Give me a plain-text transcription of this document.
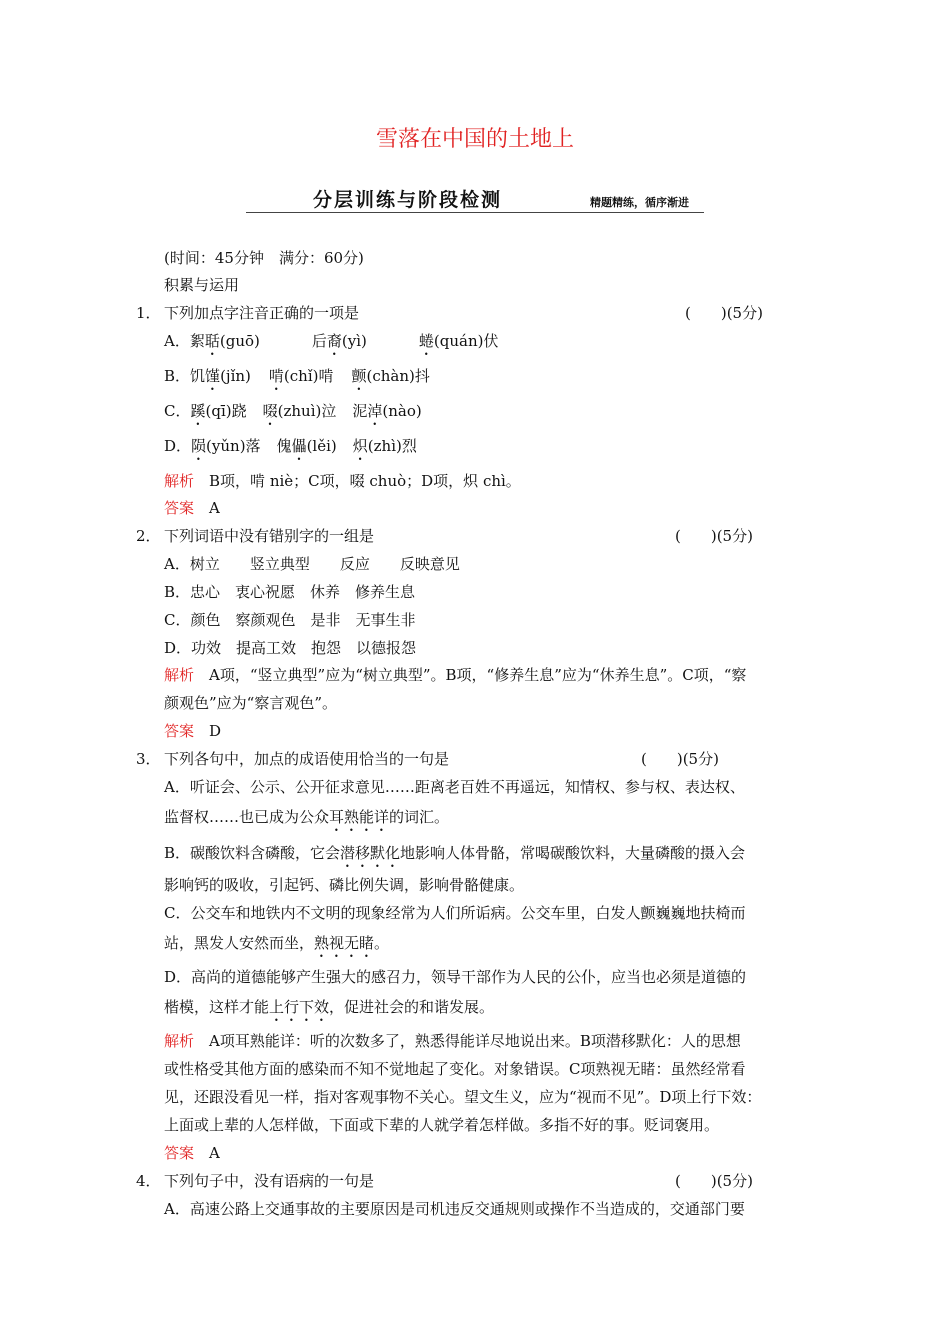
雪落在中国的土地上
分层训练与阶段检测	精题精练，循序渐进
(时间：45分钟　满分：60分)
积累与运用
1． 下列加点字注音正确的一项是	(　　)(5分)
A．絮聒(guō)	后裔(yì)	蜷(quán)伏
B．饥馑(jǐn) 啃(chǐ)啃 颤(chàn)抖
C．蹊(qī)跷 啜(zhuì)泣 泥淖(nào)
D．陨(yǔn)落 傀儡(lěi) 炽(zhì)烈
解析　 B项，啃 niè；C项，啜 chuò；D项，炽 chì。
答案　 A
2． 下列词语中没有错别字的一组是	(　　)(5分)
A．树立　　竖立典型　　反应　　反映意见
B．忠心　衷心祝愿　休养　修养生息
C．颜色　察颜观色　是非　无事生非
D．功效　提高工效　抱怨　以德报怨
解析　 A项，“竖立典型”应为“树立典型”。B项，“修养生息”应为“休养生息”。C项，“察
颜观色”应为“察言观色”。
答案　 D
3． 下列各句中，加点的成语使用恰当的一句是	(　　)(5分)
A．听证会、公示、公开征求意见……距离老百姓不再遥远，知情权、参与权、表达权、
监督权……也已成为公众耳熟能详的词汇。
B．碳酸饮料含磷酸，它会潜移默化地影响人体骨骼，常喝碳酸饮料，大量磷酸的摄入会
影响钙的吸收，引起钙、磷比例失调，影响骨骼健康。
C．公交车和地铁内不文明的现象经常为人们所诟病。公交车里，白发人颤巍巍地扶椅而
站，黑发人安然而坐，熟视无睹。
D．高尚的道德能够产生强大的感召力，领导干部作为人民的公仆，应当也必须是道德的
楷模，这样才能上行下效，促进社会的和谐发展。
解析　 A项耳熟能详：听的次数多了，熟悉得能详尽地说出来。B项潜移默化：人的思想
或性格受其他方面的感染而不知不觉地起了变化。对象错误。C项熟视无睹：虽然经常看
见，还跟没看见一样，指对客观事物不关心。望文生义，应为“视而不见”。D项上行下效：
上面或上辈的人怎样做，下面或下辈的人就学着怎样做。多指不好的事。贬词褒用。
答案　 A
4． 下列句子中，没有语病的一句是	(　　)(5分)
A．高速公路上交通事故的主要原因是司机违反交通规则或操作不当造成的，交通部门要
